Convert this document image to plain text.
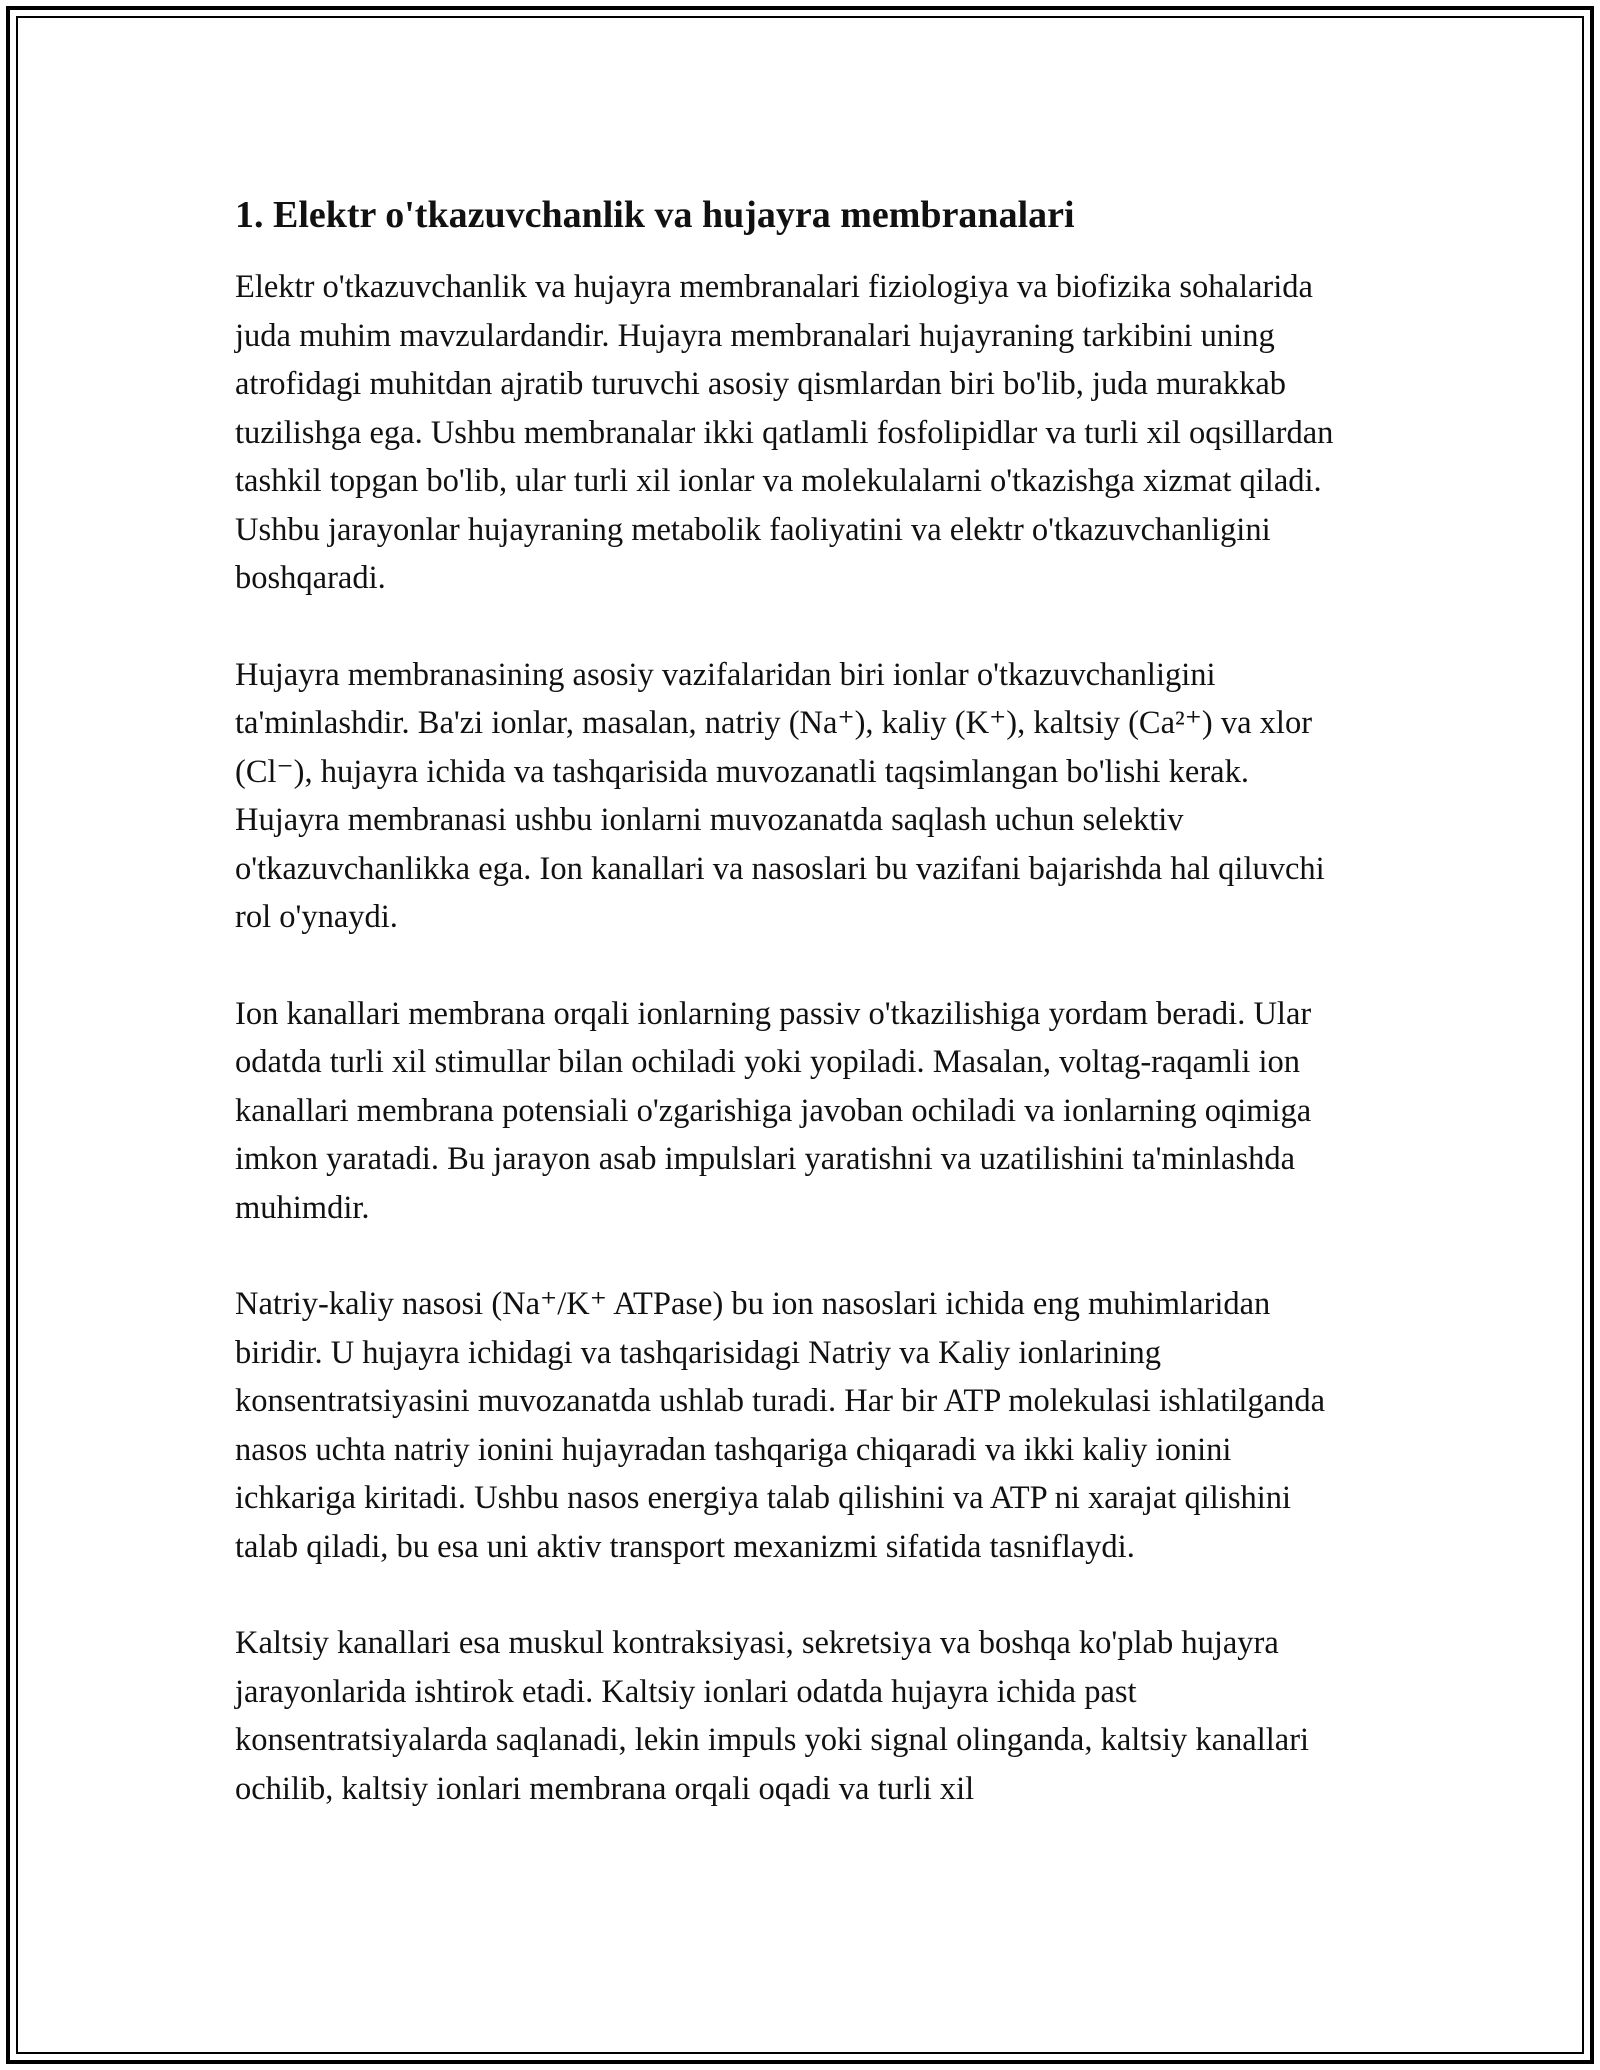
1. Elektr o'tkazuvchanlik va hujayra membranalari

Elektr o'tkazuvchanlik va hujayra membranalari fiziologiya va biofizika sohalarida juda muhim mavzulardandir. Hujayra membranalari hujayraning tarkibini uning atrofidagi muhitdan ajratib turuvchi asosiy qismlardan biri bo'lib, juda murakkab tuzilishga ega. Ushbu membranalar ikki qatlamli fosfolipidlar va turli xil oqsillardan tashkil topgan bo'lib, ular turli xil ionlar va molekulalarni o'tkazishga xizmat qiladi. Ushbu jarayonlar hujayraning metabolik faoliyatini va elektr o'tkazuvchanligini boshqaradi.

Hujayra membranasining asosiy vazifalaridan biri ionlar o'tkazuvchanligini ta'minlashdir. Ba'zi ionlar, masalan, natriy (Na⁺), kaliy (K⁺), kaltsiy (Ca²⁺) va xlor (Cl⁻), hujayra ichida va tashqarisida muvozanatli taqsimlangan bo'lishi kerak. Hujayra membranasi ushbu ionlarni muvozanatda saqlash uchun selektiv o'tkazuvchanlikka ega. Ion kanallari va nasoslari bu vazifani bajarishda hal qiluvchi rol o'ynaydi.

Ion kanallari membrana orqali ionlarning passiv o'tkazilishiga yordam beradi. Ular odatda turli xil stimullar bilan ochiladi yoki yopiladi. Masalan, voltag-raqamli ion kanallari membrana potensiali o'zgarishiga javoban ochiladi va ionlarning oqimiga imkon yaratadi. Bu jarayon asab impulslari yaratishni va uzatilishini ta'minlashda muhimdir.

Natriy-kaliy nasosi (Na⁺/K⁺ ATPase) bu ion nasoslari ichida eng muhimlaridan biridir. U hujayra ichidagi va tashqarisidagi Natriy va Kaliy ionlarining konsentratsiyasini muvozanatda ushlab turadi. Har bir ATP molekulasi ishlatilganda nasos uchta natriy ionini hujayradan tashqariga chiqaradi va ikki kaliy ionini ichkariga kiritadi. Ushbu nasos energiya talab qilishini va ATP ni xarajat qilishini talab qiladi, bu esa uni aktiv transport mexanizmi sifatida tasniflaydi.

Kaltsiy kanallari esa muskul kontraksiyasi, sekretsiya va boshqa ko'plab hujayra jarayonlarida ishtirok etadi. Kaltsiy ionlari odatda hujayra ichida past konsentratsiyalarda saqlanadi, lekin impuls yoki signal olinganda, kaltsiy kanallari ochilib, kaltsiy ionlari membrana orqali oqadi va turli xil
